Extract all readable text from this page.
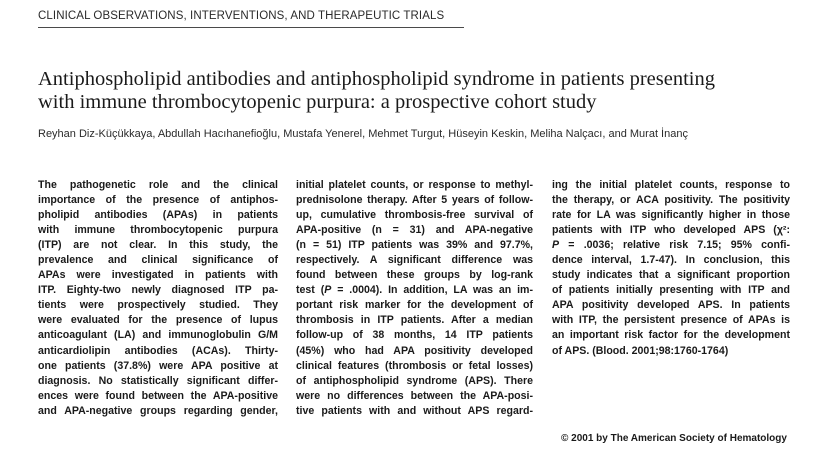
CLINICAL OBSERVATIONS, INTERVENTIONS, AND THERAPEUTIC TRIALS
Antiphospholipid antibodies and antiphospholipid syndrome in patients presenting
with immune thrombocytopenic purpura: a prospective cohort study
Reyhan Diz-Küçükkaya, Abdullah Hacıhanefioğlu, Mustafa Yenerel, Mehmet Turgut, Hüseyin Keskin, Meliha Nalçacı, and Murat İnanç
The pathogenetic role and the clinical
importance of the presence of antiphos-
pholipid antibodies (APAs) in patients
with immune thrombocytopenic purpura
(ITP) are not clear. In this study, the
prevalence and clinical significance of
APAs were investigated in patients with
ITP. Eighty-two newly diagnosed ITP pa-
tients were prospectively studied. They
were evaluated for the presence of lupus
anticoagulant (LA) and immunoglobulin G/M
anticardiolipin antibodies (ACAs). Thirty-
one patients (37.8%) were APA positive at
diagnosis. No statistically significant differ-
ences were found between the APA-positive
and APA-negative groups regarding gender,
initial platelet counts, or response to methyl-
prednisolone therapy. After 5 years of follow-
up, cumulative thrombosis-free survival of
APA-positive (n = 31) and APA-negative
(n = 51) ITP patients was 39% and 97.7%,
respectively. A significant difference was
found between these groups by log-rank
test (P = .0004). In addition, LA was an im-
portant risk marker for the development of
thrombosis in ITP patients. After a median
follow-up of 38 months, 14 ITP patients
(45%) who had APA positivity developed
clinical features (thrombosis or fetal losses)
of antiphospholipid syndrome (APS). There
were no differences between the APA-posi-
tive patients with and without APS regard-
ing the initial platelet counts, response to
the therapy, or ACA positivity. The positivity
rate for LA was significantly higher in those
patients with ITP who developed APS (χ²:
P = .0036; relative risk 7.15; 95% confi-
dence interval, 1.7-47). In conclusion, this
study indicates that a significant proportion
of patients initially presenting with ITP and
APA positivity developed APS. In patients
with ITP, the persistent presence of APAs is
an important risk factor for the development
of APS. (Blood. 2001;98:1760-1764)
© 2001 by The American Society of Hematology
